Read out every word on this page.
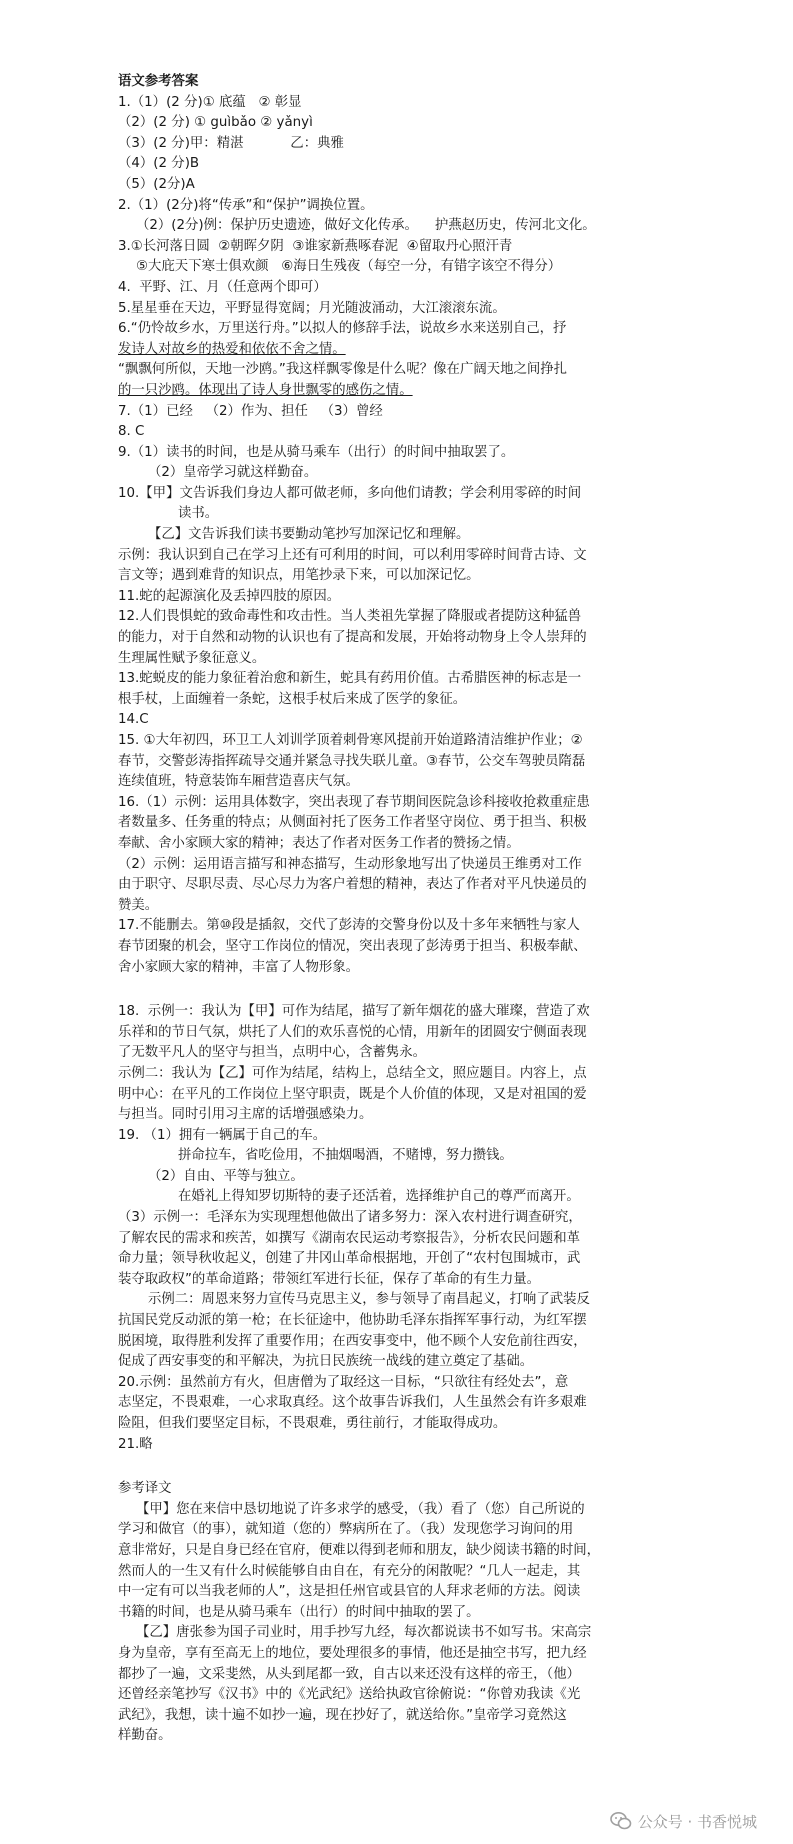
语文参考答案
1.（1）(2 分)① 底蕴   ② 彰显
（2）(2 分) ① guìbǎo ② yǎnyì
（3）(2 分)甲：精湛           乙：典雅
（4）(2 分)B
（5）(2分)A
2.（1）(2分)将“传承”和“保护”调换位置。
（2）(2分)例：保护历史遗迹，做好文化传承。    护燕赵历史，传河北文化。
3.①长河落日圆  ②朝晖夕阴  ③谁家新燕啄春泥  ④留取丹心照汗青
⑤大庇天下寒士俱欢颜   ⑥海日生残夜（每空一分，有错字该空不得分）
4.  平野、江、月（任意两个即可）
5.星星垂在天边，平野显得宽阔；月光随波涌动，大江滚滚东流。
6.“仍怜故乡水，万里送行舟。”以拟人的修辞手法，说故乡水来送别自己，抒
发诗人对故乡的热爱和依依不舍之情。
“飘飘何所似，天地一沙鸥。”我这样飘零像是什么呢？像在广阔天地之间挣扎
的一只沙鸥。体现出了诗人身世飘零的感伤之情。
7.（1）已经   （2）作为、担任   （3）曾经
8. C
9.（1）读书的时间，也是从骑马乘车（出行）的时间中抽取罢了。
（2）皇帝学习就这样勤奋。
10.【甲】文告诉我们身边人都可做老师，多向他们请教；学会利用零碎的时间
读书。
【乙】文告诉我们读书要勤动笔抄写加深记忆和理解。
示例：我认识到自己在学习上还有可利用的时间，可以利用零碎时间背古诗、文
言文等；遇到难背的知识点，用笔抄录下来，可以加深记忆。
11.蛇的起源演化及丢掉四肢的原因。
12.人们畏惧蛇的致命毒性和攻击性。当人类祖先掌握了降服或者提防这种猛兽
的能力，对于自然和动物的认识也有了提高和发展，开始将动物身上令人崇拜的
生理属性赋予象征意义。
13.蛇蜕皮的能力象征着治愈和新生，蛇具有药用价值。古希腊医神的标志是一
根手杖，上面缠着一条蛇，这根手杖后来成了医学的象征。
14.C
15. ①大年初四，环卫工人刘训学顶着刺骨寒风提前开始道路清洁维护作业；②
春节，交警彭涛指挥疏导交通并紧急寻找失联儿童。③春节，公交车驾驶员隋磊
连续值班，特意装饰车厢营造喜庆气氛。
16.（1）示例：运用具体数字，突出表现了春节期间医院急诊科接收抢救重症患
者数量多、任务重的特点；从侧面衬托了医务工作者坚守岗位、勇于担当、积极
奉献、舍小家顾大家的精神；表达了作者对医务工作者的赞扬之情。
（2）示例：运用语言描写和神态描写，生动形象地写出了快递员王维勇对工作
由于职守、尽职尽责、尽心尽力为客户着想的精神，表达了作者对平凡快递员的
赞美。
17.不能删去。第⑩段是插叙，交代了彭涛的交警身份以及十多年来牺牲与家人
春节团聚的机会，坚守工作岗位的情况，突出表现了彭涛勇于担当、积极奉献、
舍小家顾大家的精神，丰富了人物形象。
18.  示例一：我认为【甲】可作为结尾，描写了新年烟花的盛大璀璨，营造了欢
乐祥和的节日气氛，烘托了人们的欢乐喜悦的心情，用新年的团圆安宁侧面表现
了无数平凡人的坚守与担当，点明中心，含蓄隽永。
示例二：我认为【乙】可作为结尾，结构上，总结全文，照应题目。内容上，点
明中心：在平凡的工作岗位上坚守职责，既是个人价值的体现，又是对祖国的爱
与担当。同时引用习主席的话增强感染力。
19. （1）拥有一辆属于自己的车。
拼命拉车，省吃俭用，不抽烟喝酒，不赌博，努力攒钱。
（2）自由、平等与独立。
在婚礼上得知罗切斯特的妻子还活着，选择维护自己的尊严而离开。
（3）示例一：毛泽东为实现理想他做出了诸多努力：深入农村进行调查研究，
了解农民的需求和疾苦，如撰写《湖南农民运动考察报告》，分析农民问题和革
命力量；领导秋收起义，创建了井冈山革命根据地，开创了“农村包围城市，武
装夺取政权”的革命道路；带领红军进行长征，保存了革命的有生力量。
示例二：周恩来努力宣传马克思主义，参与领导了南昌起义，打响了武装反
抗国民党反动派的第一枪；在长征途中，他协助毛泽东指挥军事行动，为红军摆
脱困境，取得胜利发挥了重要作用；在西安事变中，他不顾个人安危前往西安，
促成了西安事变的和平解决，为抗日民族统一战线的建立奠定了基础。
20.示例：虽然前方有火，但唐僧为了取经这一目标，“只欲往有经处去”，意
志坚定，不畏艰难，一心求取真经。这个故事告诉我们，人生虽然会有许多艰难
险阻，但我们要坚定目标，不畏艰难，勇往前行，才能取得成功。
21.略
参考译文
【甲】您在来信中恳切地说了许多求学的感受，（我）看了（您）自己所说的
学习和做官（的事），就知道（您的）弊病所在了。（我）发现您学习询问的用
意非常好，只是自身已经在官府，便难以得到老师和朋友，缺少阅读书籍的时间，
然而人的一生又有什么时候能够自由自在，有充分的闲散呢？“几人一起走，其
中一定有可以当我老师的人”，这是担任州官或县官的人拜求老师的方法。阅读
书籍的时间，也是从骑马乘车（出行）的时间中抽取的罢了。
【乙】唐张参为国子司业时，用手抄写九经，每次都说读书不如写书。宋高宗
身为皇帝，享有至高无上的地位，要处理很多的事情，他还是抽空书写，把九经
都抄了一遍，文采斐然，从头到尾都一致，自古以来还没有这样的帝王，（他）
还曾经亲笔抄写《汉书》中的《光武纪》送给执政官徐俯说：“你曾劝我读《光
武纪》，我想，读十遍不如抄一遍，现在抄好了，就送给你。”皇帝学习竟然这
样勤奋。
公众号 · 书香悦城
